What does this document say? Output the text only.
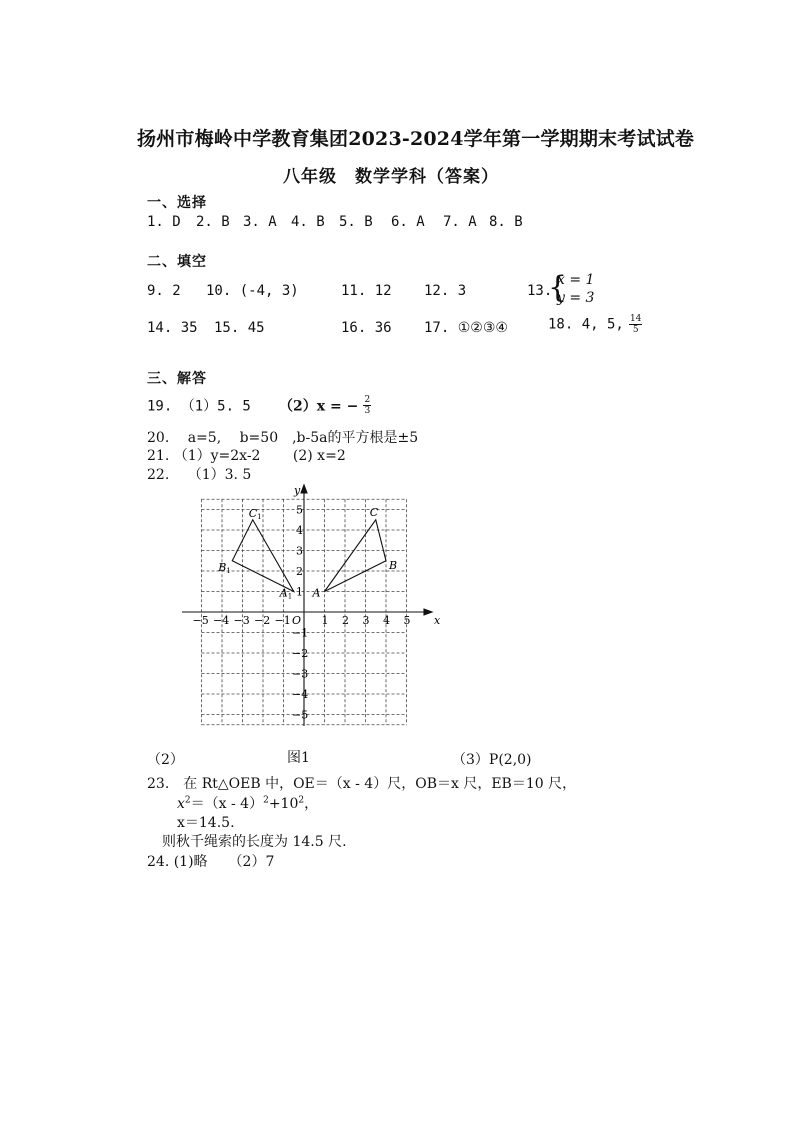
扬州市梅岭中学教育集团2023-2024学年第一学期期末考试试卷
八年级　数学学科（答案）
一、选择
1. D 2. B 3. A 4. B 5. B 6. A 7. A 8. B
二、填空
9. 2 10. (-4, 3)	11. 12 12. 3	13.
{
x = 1
y = 3
14. 35 15. 45	16. 36 17. ①②③④	18. 4, 5, $\frac{14}{5}$
三、解答
19. （1）5. 5 （2）x = − $\frac{2}{3}$
20.　 a=5,　 b=50　,b-5a的平方根是±5
21. （1）y=2x-2　　 (2) x=2
22.　 （1）3. 5
x
y
O
−5 −4 −3 −2 −1	1 2 3 4 5
5
4
3
2
1
−1
−2
−3
−4
−5
A
B
C
A1
B1
C1
（2）	图1	（3）P(2,0)
23.　在 Rt△OEB 中，OE＝（x - 4）尺，OB＝x 尺，EB＝10 尺，
$x^2=(x - 4)^2+10^2$，
x＝14.5.
则秋千绳索的长度为 14.5 尺.
24. (1)略　　（2）7
